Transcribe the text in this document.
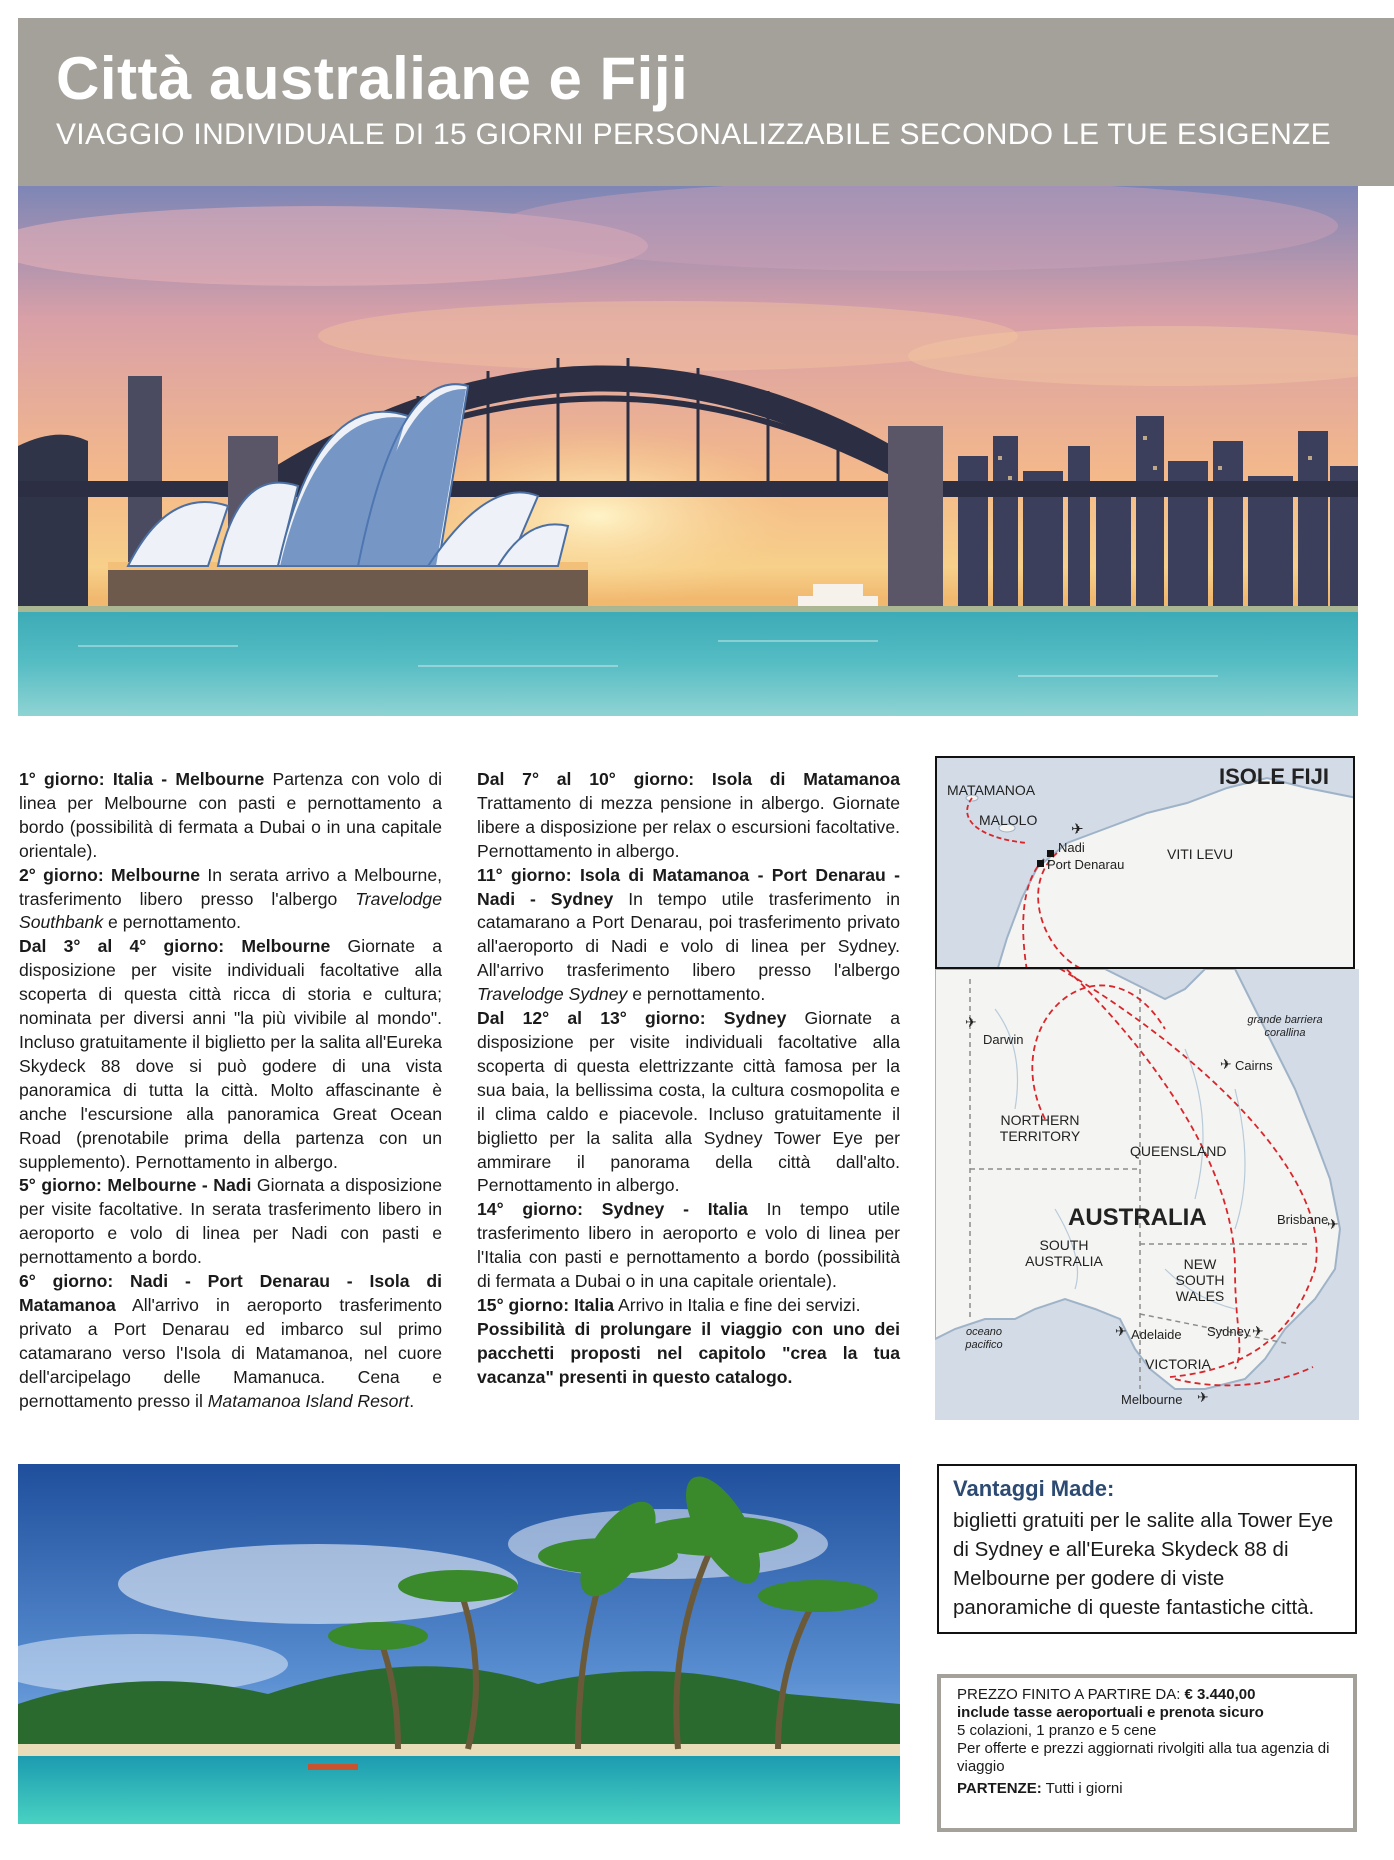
Città australiane e Fiji
VIAGGIO INDIVIDUALE DI 15 GIORNI PERSONALIZZABILE SECONDO LE TUE ESIGENZE

1° giorno: Italia - Melbourne Partenza con volo di linea per Melbourne con pasti e pernottamento a bordo (possibilità di fermata a Dubai o in una capitale orientale).

2° giorno: Melbourne In serata arrivo a Melbourne, trasferimento libero presso l'albergo Travelodge Southbank e pernottamento.

Dal 3° al 4° giorno: Melbourne Giornate a disposizione per visite individuali facoltative alla scoperta di questa città ricca di storia e cultura; nominata per diversi anni "la più vivibile al mondo". Incluso gratuitamente il biglietto per la salita all'Eureka Skydeck 88 dove si può godere di una vista panoramica di tutta la città. Molto affascinante è anche l'escursione alla panoramica Great Ocean Road (prenotabile prima della partenza con un supplemento). Pernottamento in albergo.

5° giorno: Melbourne - Nadi Giornata a disposizione per visite facoltative. In serata trasferimento libero in aeroporto e volo di linea per Nadi con pasti e pernottamento a bordo.

6° giorno: Nadi - Port Denarau - Isola di Matamanoa All'arrivo in aeroporto trasferimento privato a Port Denarau ed imbarco sul primo catamarano verso l'Isola di Matamanoa, nel cuore dell'arcipelago delle Mamanuca. Cena e pernottamento presso il Matamanoa Island Resort.

Dal 7° al 10° giorno: Isola di Matamanoa Trattamento di mezza pensione in albergo. Giornate libere a disposizione per relax o escursioni facoltative. Pernottamento in albergo.

11° giorno: Isola di Matamanoa - Port Denarau - Nadi - Sydney In tempo utile trasferimento in catamarano a Port Denarau, poi trasferimento privato all'aeroporto di Nadi e volo di linea per Sydney. All'arrivo trasferimento libero presso l'albergo Travelodge Sydney e pernottamento.

Dal 12° al 13° giorno: Sydney Giornate a disposizione per visite individuali facoltative alla scoperta di questa elettrizzante città famosa per la sua baia, la bellissima costa, la cultura cosmopolita e il clima caldo e piacevole. Incluso gratuitamente il biglietto per la salita alla Sydney Tower Eye per ammirare il panorama della città dall'alto. Pernottamento in albergo.

14° giorno: Sydney - Italia In tempo utile trasferimento libero in aeroporto e volo di linea per l'Italia con pasti e pernottamento a bordo (possibilità di fermata a Dubai o in una capitale orientale).

15° giorno: Italia Arrivo in Italia e fine dei servizi.

Possibilità di prolungare il viaggio con uno dei pacchetti proposti nel capitolo "crea la tua vacanza" presenti in questo catalogo.

Darwin
✈	grande barriera corallina
✈ Cairns
NORTHERN TERRITORY
QUEENSLAND
AUSTRALIA	Brisbane
✈
SOUTH AUSTRALIA	NEW SOUTH WALES
oceano pacifico
✈ Adelaide Sydney ✈
VICTORIA
Melbourne ✈
ISOLE FIJI
MATAMANOA
MALOLO
✈
Nadi
Port Denarau
VITI LEVU
Vantaggi Made:
biglietti gratuiti per le salite alla Tower Eye di Sydney e all'Eureka Skydeck 88 di Melbourne per godere di viste panoramiche di queste fantastiche città.
PREZZO FINITO A PARTIRE DA: € 3.440,00
include tasse aeroportuali e prenota sicuro
5 colazioni, 1 pranzo e 5 cene
Per offerte e prezzi aggiornati rivolgiti alla tua agenzia di viaggio
PARTENZE: Tutti i giorni
